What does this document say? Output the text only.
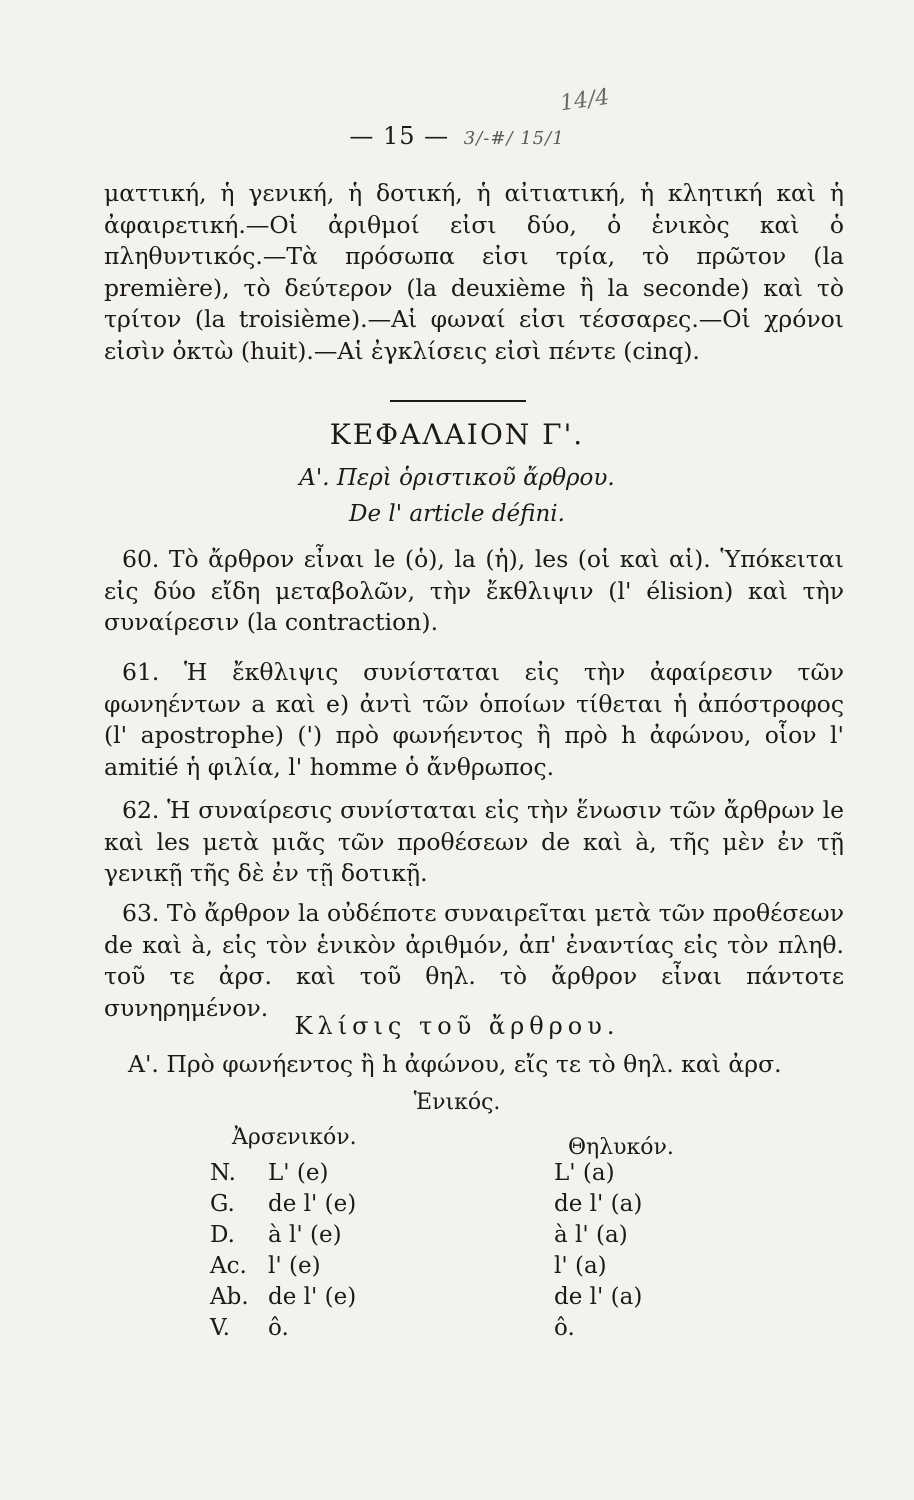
14/4
— 15 — 3/-#/ 15/1

ματτική, ἡ γενική, ἡ δοτική, ἡ αἰτιατική, ἡ κλητική καὶ ἡ ἀφαιρετική.—Οἱ ἀριθμοί εἰσι δύο, ὁ ἑνικὸς καὶ ὁ πληθυντικός.—Τὰ πρόσωπα εἰσι τρία, τὸ πρῶτον (la première), τὸ δεύτερον (la deuxième ἢ la seconde) καὶ τὸ τρίτον (la troisième).—Αἱ φωναί εἰσι τέσσαρες.—Οἱ χρόνοι εἰσὶν ὀκτὼ (huit).—Αἱ ἐγκλίσεις εἰσὶ πέντε (cinq).

ΚΕΦΑΛΑΙΟΝ Γ'.
Α'. Περὶ ὁριστικοῦ ἄρθρου.
De l' article défini.

60. Τὸ ἄρθρον εἶναι le (ὁ), la (ἡ), les (οἱ καὶ αἱ). Ὑπόκειται εἰς δύο εἴδη μεταβολῶν, τὴν ἔκθλιψιν (l' élision) καὶ τὴν συναίρεσιν (la contraction).

61. Ἡ ἔκθλιψις συνίσταται εἰς τὴν ἀφαίρεσιν τῶν φωνηέντων a καὶ e) ἀντὶ τῶν ὁποίων τίθεται ἡ ἀπόστροφος (l' apostrophe) (') πρὸ φωνήεντος ἢ πρὸ h ἀφώνου, οἷον l' amitié ἡ φιλία, l' homme ὁ ἄνθρωπος.

62. Ἡ συναίρεσις συνίσταται εἰς τὴν ἕνωσιν τῶν ἄρθρων le καὶ les μετὰ μιᾶς τῶν προθέσεων de καὶ à, τῆς μὲν ἐν τῇ γενικῇ τῆς δὲ ἐν τῇ δοτικῇ.

63. Τὸ ἄρθρον la οὐδέποτε συναιρεῖται μετὰ τῶν προθέσεων de καὶ à, εἰς τὸν ἑνικὸν ἀριθμόν, ἀπ' ἐναντίας εἰς τὸν πληθ. τοῦ τε ἀρσ. καὶ τοῦ θηλ. τὸ ἄρθρον εἶναι πάντοτε συνηρημένον.

Κλίσις τοῦ ἄρθρου.
Α'. Πρὸ φωνήεντος ἢ h ἀφώνου, εἴς τε τὸ θηλ. καὶ ἀρσ.
Ἑνικός.
Ἀρσενικόν.	Θηλυκόν.
N.	L' (e)	L' (a)
G.	de l' (e)	de l' (a)
D.	à l' (e)	à l' (a)
Ac. l' (e)	l' (a)
Ab. de l' (e)	de l' (a)
V.	ô.	ô.
